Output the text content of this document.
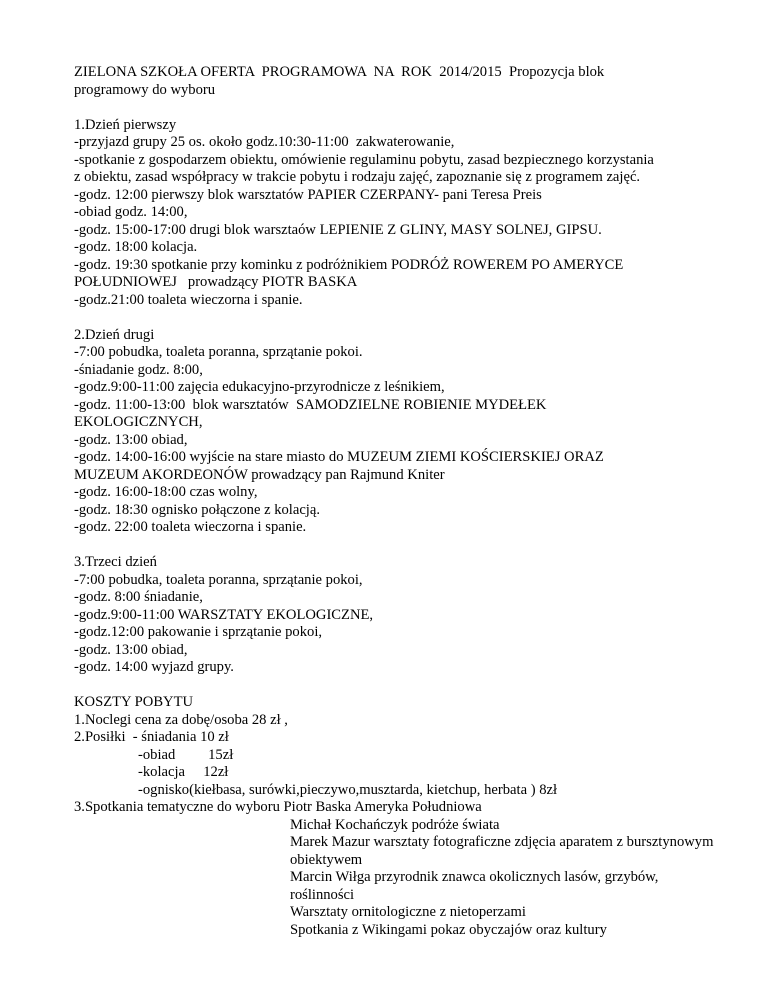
ZIELONA SZKOŁA OFERTA  PROGRAMOWA  NA  ROK  2014/2015  Propozycja blok
programowy do wyboru
1.Dzień pierwszy
-przyjazd grupy 25 os. około godz.10:30-11:00  zakwaterowanie,
-spotkanie z gospodarzem obiektu, omówienie regulaminu pobytu, zasad bezpiecznego korzystania
z obiektu, zasad współpracy w trakcie pobytu i rodzaju zajęć, zapoznanie się z programem zajęć.
-godz. 12:00 pierwszy blok warsztatów PAPIER CZERPANY- pani Teresa Preis
-obiad godz. 14:00,
-godz. 15:00-17:00 drugi blok warsztaów LEPIENIE Z GLINY, MASY SOLNEJ, GIPSU.
-godz. 18:00 kolacja.
-godz. 19:30 spotkanie przy kominku z podróżnikiem PODRÓŻ ROWEREM PO AMERYCE
POŁUDNIOWEJ   prowadzący PIOTR BASKA
-godz.21:00 toaleta wieczorna i spanie.
2.Dzień drugi
-7:00 pobudka, toaleta poranna, sprzątanie pokoi.
-śniadanie godz. 8:00,
-godz.9:00-11:00 zajęcia edukacyjno-przyrodnicze z leśnikiem,
-godz. 11:00-13:00  blok warsztatów  SAMODZIELNE ROBIENIE MYDEŁEK
EKOLOGICZNYCH,
-godz. 13:00 obiad,
-godz. 14:00-16:00 wyjście na stare miasto do MUZEUM ZIEMI KOŚCIERSKIEJ ORAZ
MUZEUM AKORDEONÓW prowadzący pan Rajmund Kniter
-godz. 16:00-18:00 czas wolny,
-godz. 18:30 ognisko połączone z kolacją.
-godz. 22:00 toaleta wieczorna i spanie.
3.Trzeci dzień
-7:00 pobudka, toaleta poranna, sprzątanie pokoi,
-godz. 8:00 śniadanie,
-godz.9:00-11:00 WARSZTATY EKOLOGICZNE,
-godz.12:00 pakowanie i sprzątanie pokoi,
-godz. 13:00 obiad,
-godz. 14:00 wyjazd grupy.
KOSZTY POBYTU
1.Noclegi cena za dobę/osoba 28 zł ,
2.Posiłki  - śniadania 10 zł
-obiad         15zł
-kolacja     12zł
-ognisko(kiełbasa, surówki,pieczywo,musztarda, kietchup, herbata ) 8zł
3.Spotkania tematyczne do wyboru Piotr Baska Ameryka Południowa
Michał Kochańczyk podróże świata
Marek Mazur warsztaty fotograficzne zdjęcia aparatem z bursztynowym obiektywem
Marcin Wiłga przyrodnik znawca okolicznych lasów, grzybów, roślinności
Warsztaty ornitologiczne z nietoperzami
Spotkania z Wikingami pokaz obyczajów oraz kultury
